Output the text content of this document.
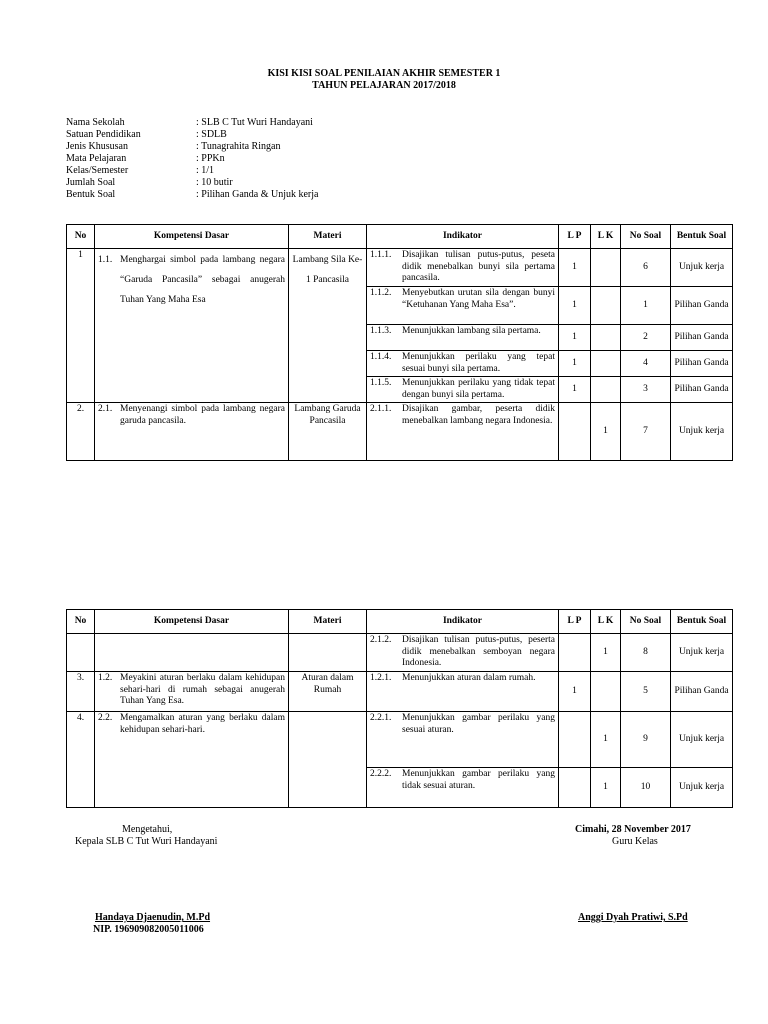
KISI KISI SOAL PENILAIAN AKHIR SEMESTER 1
TAHUN PELAJARAN 2017/2018
Nama Sekolah	: SLB C Tut Wuri Handayani
Satuan Pendidikan	: SDLB
Jenis Khususan	: Tunagrahita Ringan
Mata Pelajaran	: PPKn
Kelas/Semester	: 1/1
Jumlah Soal	: 10 butir
Bentuk Soal	: Pilihan Ganda & Unjuk kerja
No	Kompetensi Dasar	Materi	Indikator	L P	L K	No Soal	Bentuk Soal
1	1.1. Menghargai simbol pada lambang negara “Garuda Pancasila” sebagai anugerah Tuhan Yang Maha Esa	Lambang Sila Ke-1 Pancasila	1.1.1. Disajikan tulisan putus-putus, peseta didik menebalkan bunyi sila pertama pancasila.	1		6	Unjuk kerja

			1.1.2. Menyebutkan urutan sila dengan bunyi “Ketuhanan Yang Maha Esa”.	1		1	Pilihan Ganda

			1.1.3. Menunjukkan lambang sila pertama.	1		2	Pilihan Ganda

			1.1.4. Menunjukkan perilaku yang tepat sesuai bunyi sila pertama.	1		4	Pilihan Ganda

			1.1.5. Menunjukkan perilaku yang tidak tepat dengan bunyi sila pertama.	1		3	Pilihan Ganda
2.	2.1. Menyenangi simbol pada lambang negara garuda pancasila.	Lambang Garuda Pancasila	2.1.1. Disajikan gambar, peserta didik menebalkan lambang negara Indonesia.		1	7	Unjuk kerja
No	Kompetensi Dasar	Materi	Indikator	L P	L K	No Soal	Bentuk Soal

			2.1.2. Disajikan tulisan putus-putus, peserta didik menebalkan semboyan negara Indonesia.		1	8	Unjuk kerja
3.	1.2. Meyakini aturan berlaku dalam kehidupan sehari-hari di rumah sebagai anugerah Tuhan Yang Esa.	Aturan dalam Rumah	1.2.1. Menunjukkan aturan dalam rumah.	1		5	Pilihan Ganda
4.	2.2. Mengamalkan aturan yang berlaku dalam kehidupan sehari-hari.		2.2.1. Menunjukkan gambar perilaku yang sesuai aturan.		1	9	Unjuk kerja

			2.2.2. Menunjukkan gambar perilaku yang tidak sesuai aturan.		1	10	Unjuk kerja
Mengetahui,
Kepala SLB C Tut Wuri Handayani
Handaya Djaenudin, M.Pd
NIP. 196909082005011006
Cimahi, 28 November 2017
Guru Kelas
Anggi Dyah Pratiwi, S.Pd
